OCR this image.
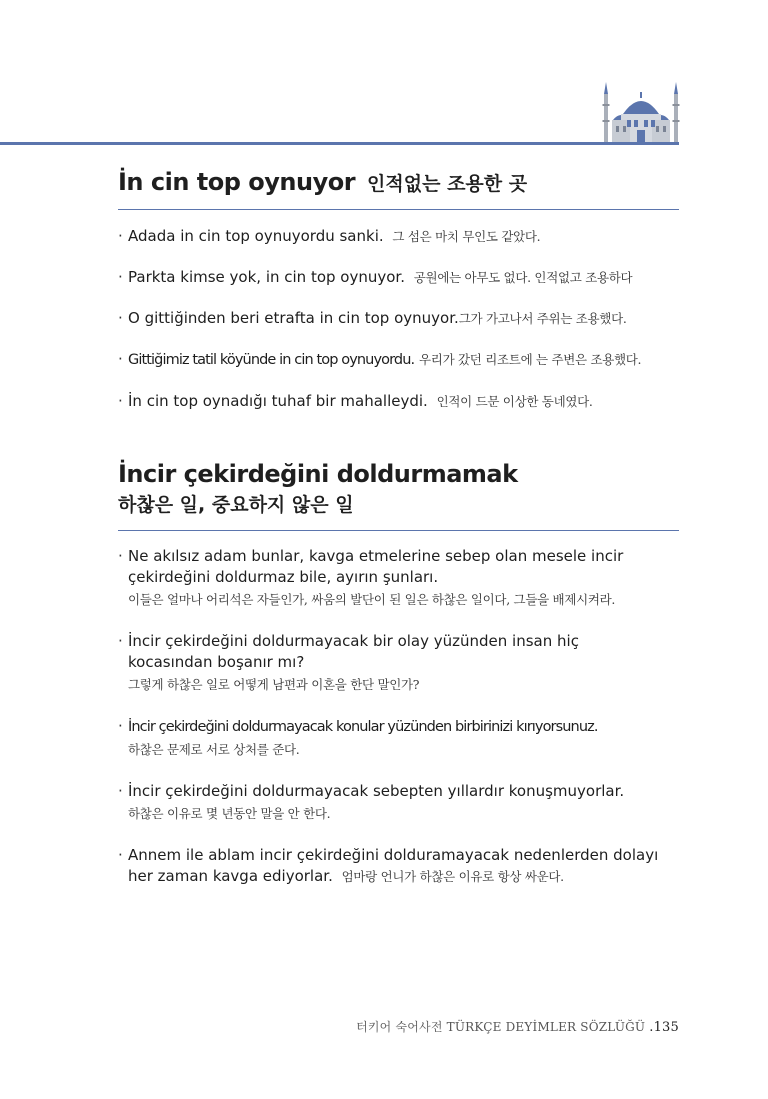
İn cin top oynuyor 인적없는 조용한 곳
· Adada in cin top oynuyordu sanki. 그 섬은 마치 무인도 같았다.
· Parkta kimse yok, in cin top oynuyor. 공원에는 아무도 없다. 인적없고 조용하다
· O gittiğinden beri etrafta in cin top oynuyor.그가 가고나서 주위는 조용했다.
· Gittiğimiz tatil köyünde in cin top oynuyordu. 우리가 갔던 리조트에 는 주변은 조용했다.
· İn cin top oynadığı tuhaf bir mahalleydi. 인적이 드문 이상한 동네였다.
İncir çekirdeğini doldurmamak
하찮은 일, 중요하지 않은 일
· Ne akılsız adam bunlar, kavga etmelerine sebep olan mesele incir
çekirdeğini doldurmaz bile, ayırın şunları.
이들은 얼마나 어리석은 자들인가, 싸움의 발단이 된 일은 하찮은 일이다, 그들을 배제시켜라.
· İncir çekirdeğini doldurmayacak bir olay yüzünden insan hiç
kocasından boşanır mı?
그렇게 하찮은 일로 어떻게 남편과 이혼을 한단 말인가?
· İncir çekirdeğini doldurmayacak konular yüzünden birbirinizi kırıyorsunuz.
하찮은 문제로 서로 상처를 준다.
· İncir çekirdeğini doldurmayacak sebepten yıllardır konuşmuyorlar.
하찮은 이유로 몇 년동안 말을 안 한다.
· Annem ile ablam incir çekirdeğini dolduramayacak nedenlerden dolayı
her zaman kavga ediyorlar. 엄마랑 언니가 하찮은 이유로 항상 싸운다.
터키어 숙어사전 TÜRKÇE DEYİMLER SÖZLÜĞÜ .135
